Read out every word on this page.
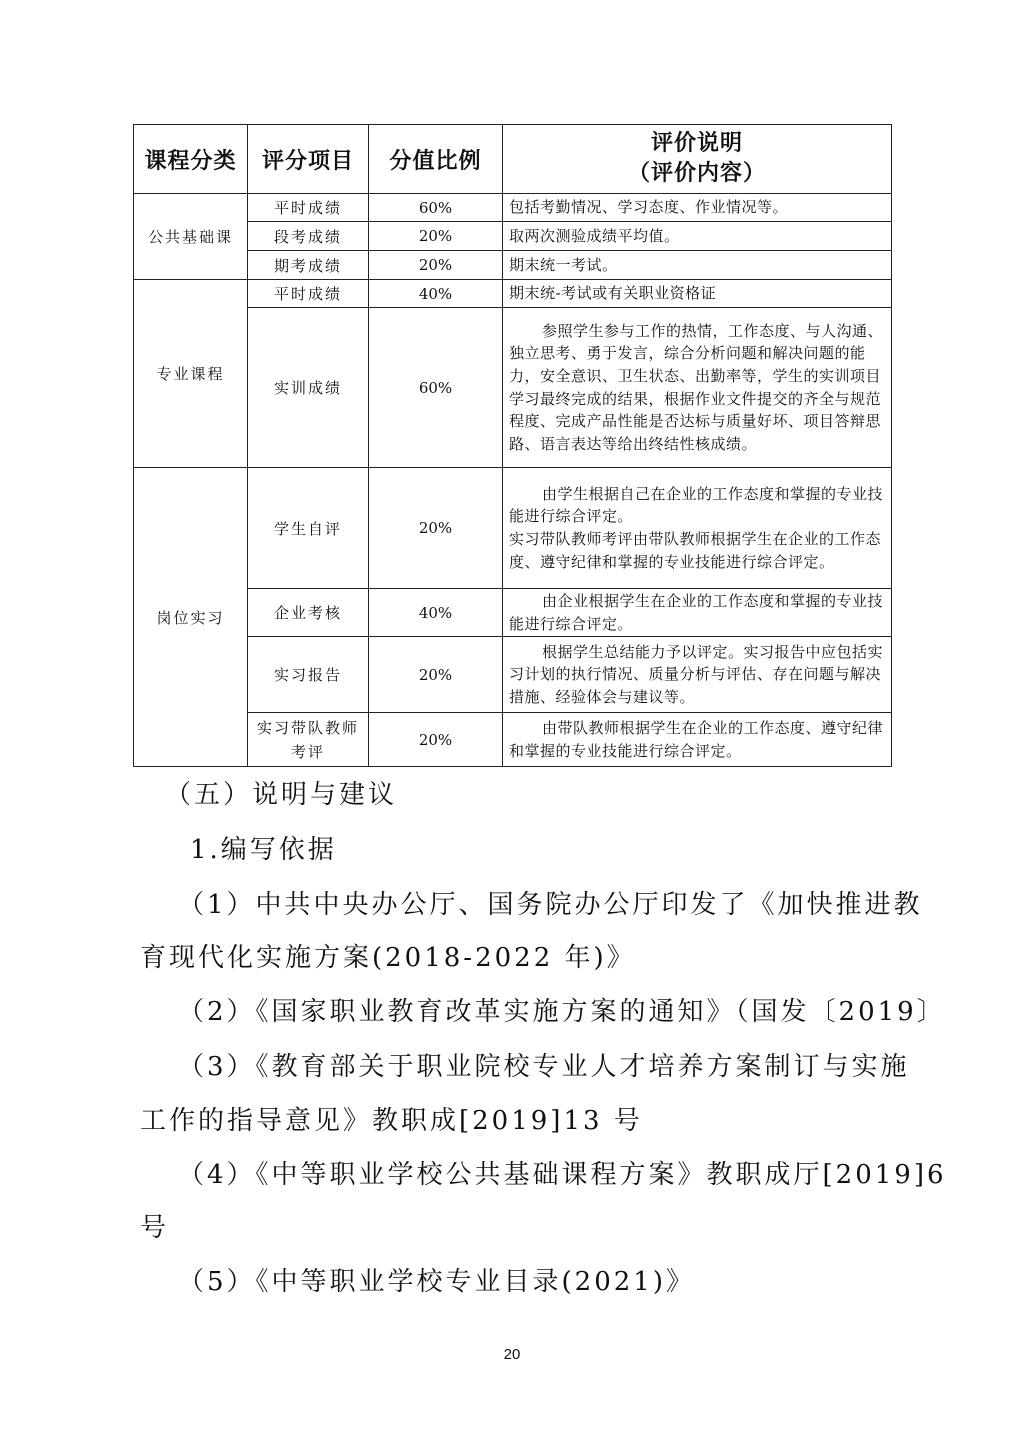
课程分类	评分项目	分值比例	评价说明
（评价内容）

公共基础课	平时成绩	60%	包括考勤情况、学习态度、作业情况等。
	段考成绩	20%	取两次测验成绩平均值。
	期考成绩	20%	期末统一考试。
专业课程	平时成绩	40%	期末统-考试或有关职业资格证
	实训成绩	60%	参照学生参与工作的热情，工作态度、与人沟通、独立思考、勇于发言，综合分析问题和解决问题的能力，安全意识、卫生状态、出勤率等，学生的实训项目学习最终完成的结果，根据作业文件提交的齐全与规范程度、完成产品性能是否达标与质量好坏、项目答辩思路、语言表达等给出终结性核成绩。
岗位实习	学生自评	20%	由学生根据自己在企业的工作态度和掌握的专业技能进行综合评定。
实习带队教师考评由带队教师根据学生在企业的工作态度、遵守纪律和掌握的专业技能进行综合评定。

	企业考核	40%	由企业根据学生在企业的工作态度和掌握的专业技能进行综合评定。
	实习报告	20%	根据学生总结能力予以评定。实习报告中应包括实习计划的执行情况、质量分析与评估、存在问题与解决措施、经验体会与建议等。
	实习带队教师考评	20%	由带队教师根据学生在企业的工作态度、遵守纪律和掌握的专业技能进行综合评定。
（五）说明与建议
1.编写依据
（1）中共中央办公厅、国务院办公厅印发了《加快推进教
育现代化实施方案(2018-2022 年)》
（2）《国家职业教育改革实施方案的通知》（国发〔2019〕
（3）《教育部关于职业院校专业人才培养方案制订与实施
工作的指导意见》教职成[2019]13 号
（4）《中等职业学校公共基础课程方案》教职成厅[2019]6
号
（5）《中等职业学校专业目录(2021)》
20
